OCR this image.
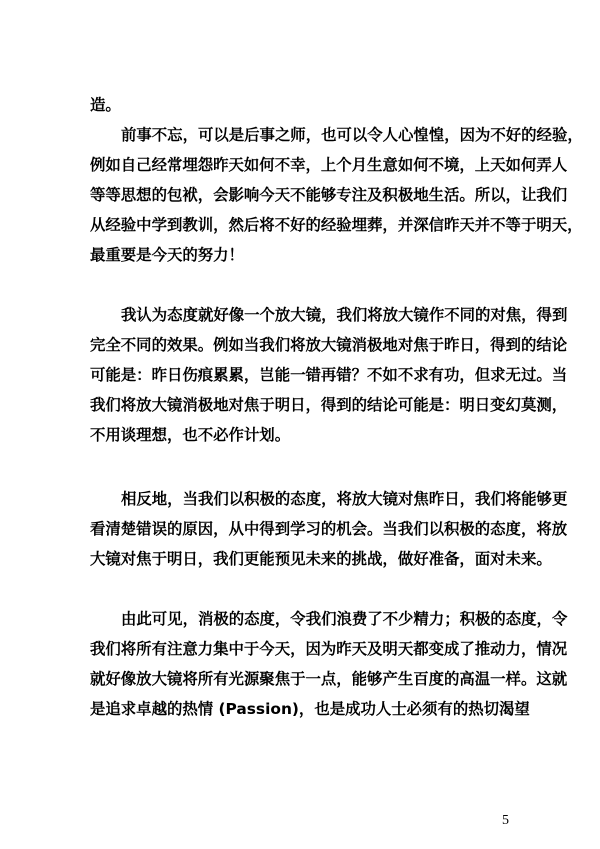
造。
前事不忘，可以是后事之师，也可以令人心惶惶，因为不好的经验，
例如自己经常埋怨昨天如何不幸，上个月生意如何不境，上天如何弄人
等等思想的包袱，会影响今天不能够专注及积极地生活。所以，让我们
从经验中学到教训，然后将不好的经验埋葬，并深信昨天并不等于明天，
最重要是今天的努力！
我认为态度就好像一个放大镜，我们将放大镜作不同的对焦，得到
完全不同的效果。例如当我们将放大镜消极地对焦于昨日，得到的结论
可能是：昨日伤痕累累，岂能一错再错？不如不求有功，但求无过。当
我们将放大镜消极地对焦于明日，得到的结论可能是：明日变幻莫测，
不用谈理想，也不必作计划。
相反地，当我们以积极的态度，将放大镜对焦昨日，我们将能够更
看清楚错误的原因，从中得到学习的机会。当我们以积极的态度，将放
大镜对焦于明日，我们更能预见未来的挑战，做好准备，面对未来。
由此可见，消极的态度，令我们浪费了不少精力；积极的态度，令
我们将所有注意力集中于今天，因为昨天及明天都变成了推动力，情况
就好像放大镜将所有光源聚焦于一点，能够产生百度的高温一样。这就
是追求卓越的热情 (Passion)，也是成功人士必须有的热切渴望
5
